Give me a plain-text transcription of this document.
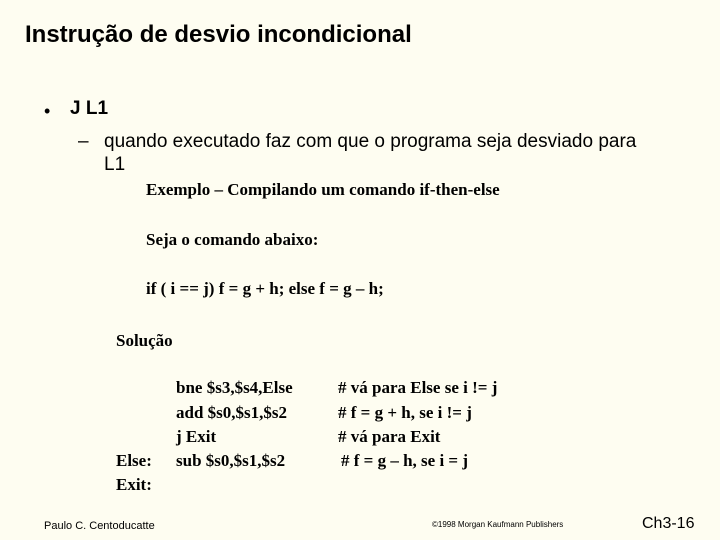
Instrução de desvio incondicional
• J L1
– quando executado faz com que o programa seja desviado para
L1
Exemplo – Compilando um comando if-then-else
Seja o comando abaixo:
if ( i == j) f = g + h; else f = g – h;
Solução
bne $s3,$s4,Else
add $s0,$s1,$s2
j Exit
sub $s0,$s1,$s2
Else:
Exit:
# vá para Else se i != j
# f = g + h, se i != j
# vá para Exit
# f = g – h, se i = j
Paulo C. Centoducatte	©1998 Morgan Kaufmann Publishers	Ch3-16
